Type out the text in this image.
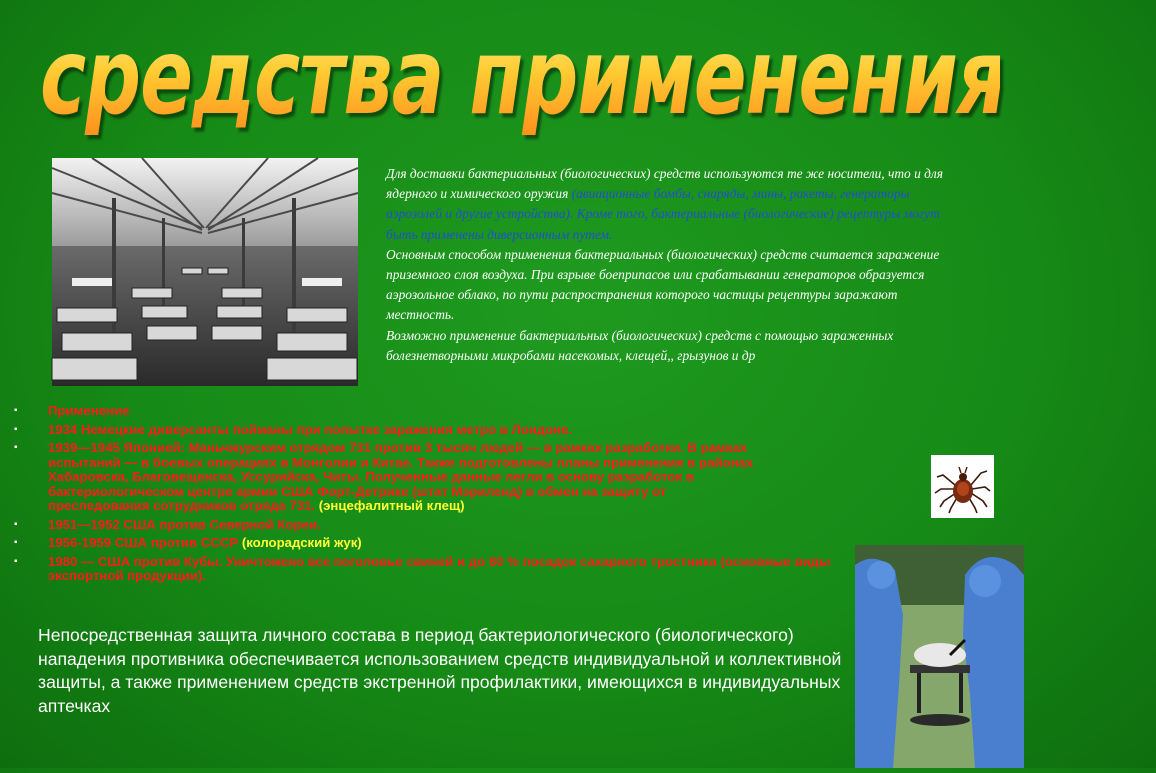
средства применения БО
Для доставки бактериальных (биологических) средств используются те же носители, что и для ядерного и химического оружия (авиационные бомбы, снаряды, мины, ракеты, генераторы аэрозолей и другие устройства). Кроме того, бактериальные (биологические) рецептуры могут быть применены диверсионным путем.
Основным способом применения бактериальных (биологических) средств считается заражение приземного слоя воздуха. При взрыве боеприпасов или срабатывании генераторов образуется аэрозольное облако, по пути распространения которого частицы рецептуры заражают местность.
Возможно применение бактериальных (биологических) средств с помощью зараженных болезнетворными микробами насекомых, клещей,, грызунов и др
▪ Применение
▪ 1934 Немецкие диверсанты пойманы при попытке заражения метро в Лондоне.
▪ 1939—1945 Японией: Маньчжурским отрядом 731 против 3 тысяч людей — в рамках разработки. В рамках испытаний — в боевых операциях в Монголии и Китае. Также подготовлены планы применения в районах Хабаровска, Благовещенска, Уссурийска, Читы. Полученные данные легли в основу разработок в бактериологическом центре армии США Форт-Детрике (штат Мэриленд) в обмен на защиту от преследования сотрудников отряда 731. (энцефалитный клещ)
▪ 1951—1952 США против Северной Кореи.
▪ 1956-1959 США против СССР (колорадский жук)
▪ 1980 — США против Кубы. Уничтожено все поголовье свиней и до 80 % посадок сахарного тростника (основные виды экспортной продукции).
Непосредственная защита личного состава в период бактериологического (биологического) нападения противника обеспечивается использованием средств индивидуальной и коллективной защиты, а также применением средств экстренной профилактики, имеющихся в индивидуальных аптечках
